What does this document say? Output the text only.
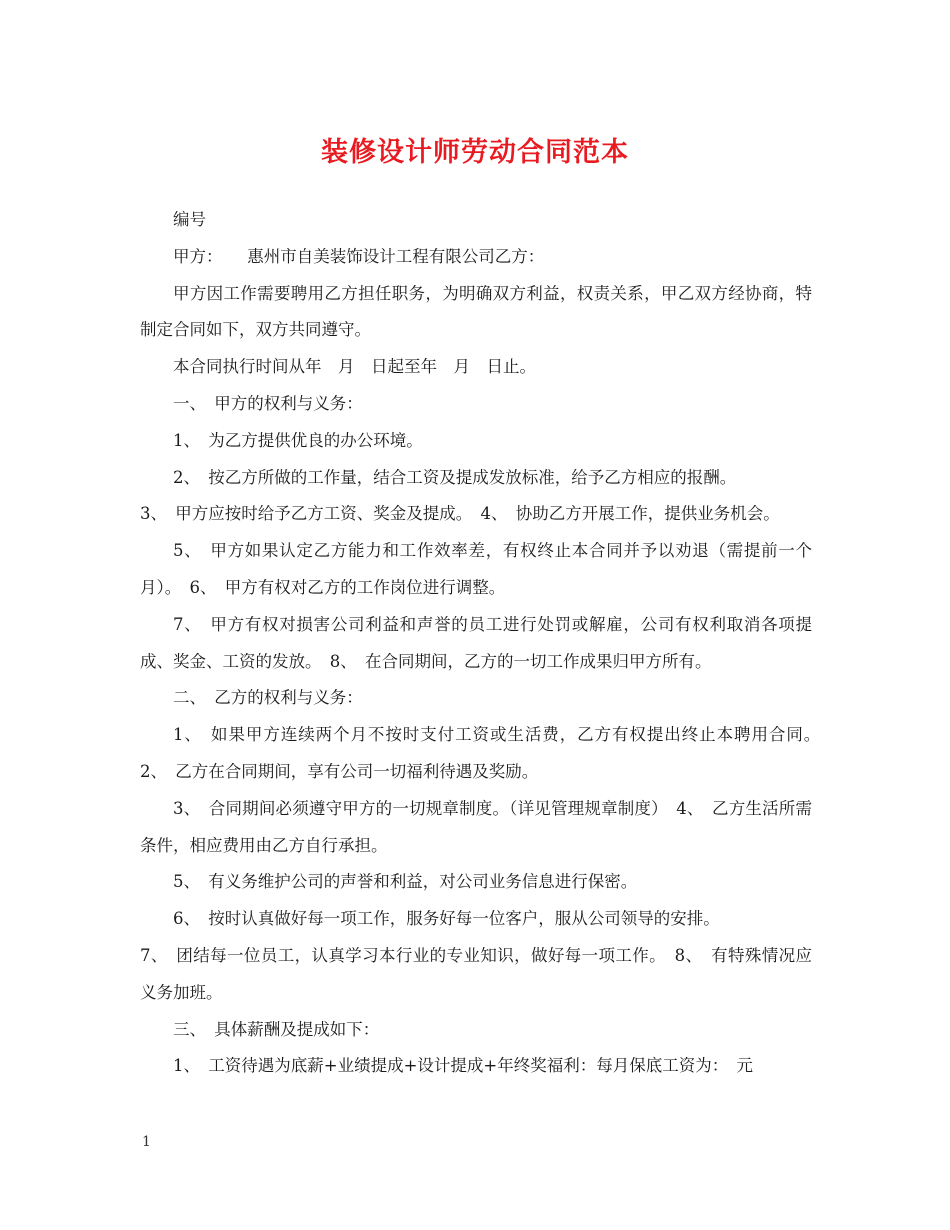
装修设计师劳动合同范本

编号

甲方：　　惠州市自美装饰设计工程有限公司乙方：

甲方因工作需要聘用乙方担任职务，为明确双方利益，权责关系，甲乙双方经协商，特制定合同如下，双方共同遵守。

本合同执行时间从年　月　日起至年　月　日止。

一、　甲方的权利与义务：

1、　为乙方提供优良的办公环境。

2、　按乙方所做的工作量，结合工资及提成发放标准，给予乙方相应的报酬。

3、　甲方应按时给予乙方工资、奖金及提成。　4、　协助乙方开展工作，提供业务机会。

5、　甲方如果认定乙方能力和工作效率差，有权终止本合同并予以劝退（需提前一个月）。　6、　甲方有权对乙方的工作岗位进行调整。

7、　甲方有权对损害公司利益和声誉的员工进行处罚或解雇，公司有权利取消各项提成、奖金、工资的发放。　8、　在合同期间，乙方的一切工作成果归甲方所有。

二、　乙方的权利与义务：

1、　如果甲方连续两个月不按时支付工资或生活费，乙方有权提出终止本聘用合同。　2、　乙方在合同期间，享有公司一切福利待遇及奖励。

3、　合同期间必须遵守甲方的一切规章制度。（详见管理规章制度）　4、　乙方生活所需条件，相应费用由乙方自行承担。

5、　有义务维护公司的声誉和利益，对公司业务信息进行保密。

6、　按时认真做好每一项工作，服务好每一位客户，服从公司领导的安排。

7、　团结每一位员工，认真学习本行业的专业知识，做好每一项工作。　8、　有特殊情况应义务加班。

三、　具体薪酬及提成如下：

1、　工资待遇为底薪+业绩提成+设计提成+年终奖福利：每月保底工资为：　元

1
